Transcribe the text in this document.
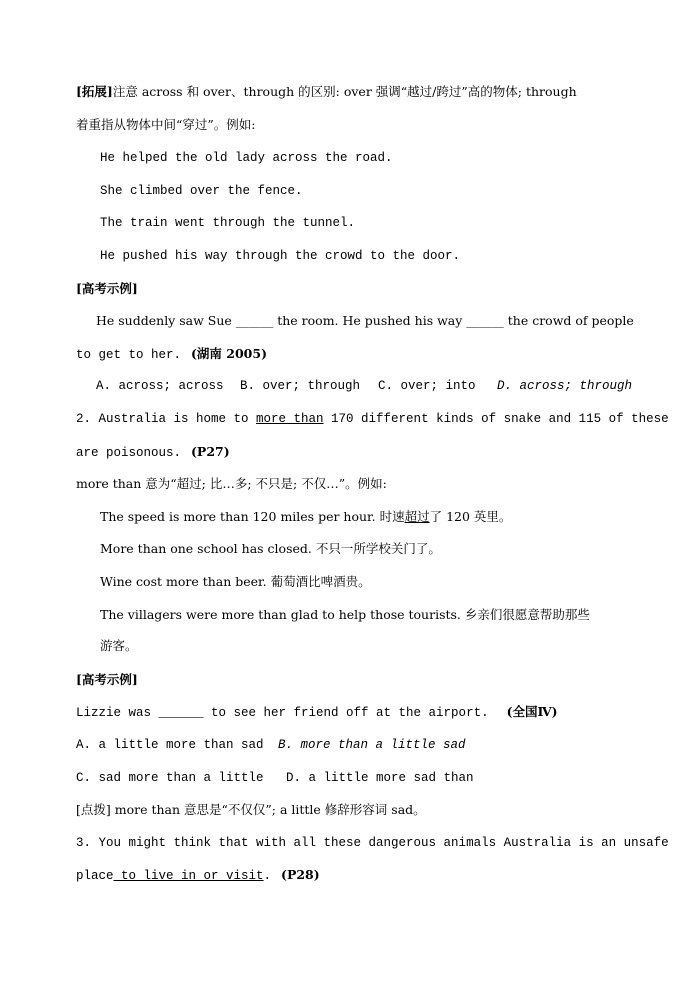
[拓展]注意 across 和 over、through 的区别: over 强调“越过/跨过”高的物体; through
着重指从物体中间“穿过”。例如:
He helped the old lady across the road.
She climbed over the fence.
The train went through the tunnel.
He pushed his way through the crowd to the door.
[高考示例]
He suddenly saw Sue ______ the room. He pushed his way ______ the crowd of people
to get to her. (湖南 2005)
A. across; across B. over; through C. over; into D. across; through
2. Australia is home to more than 170 different kinds of snake and 115 of these
are poisonous. (P27)
more than 意为“超过; 比…多; 不只是; 不仅…”。例如:
The speed is more than 120 miles per hour. 时速超过了 120 英里。
More than one school has closed. 不只一所学校关门了。
Wine cost more than beer. 葡萄酒比啤酒贵。
The villagers were more than glad to help those tourists. 乡亲们很愿意帮助那些
游客。
[高考示例]
Lizzie was ______ to see her friend off at the airport. (全国Ⅳ)
A. a little more than sad B. more than a little sad
C. sad more than a little D. a little more sad than
[点拨] more than 意思是“不仅仅”; a little 修辞形容词 sad。
3. You might think that with all these dangerous animals Australia is an unsafe
place to live in or visit. (P28)
